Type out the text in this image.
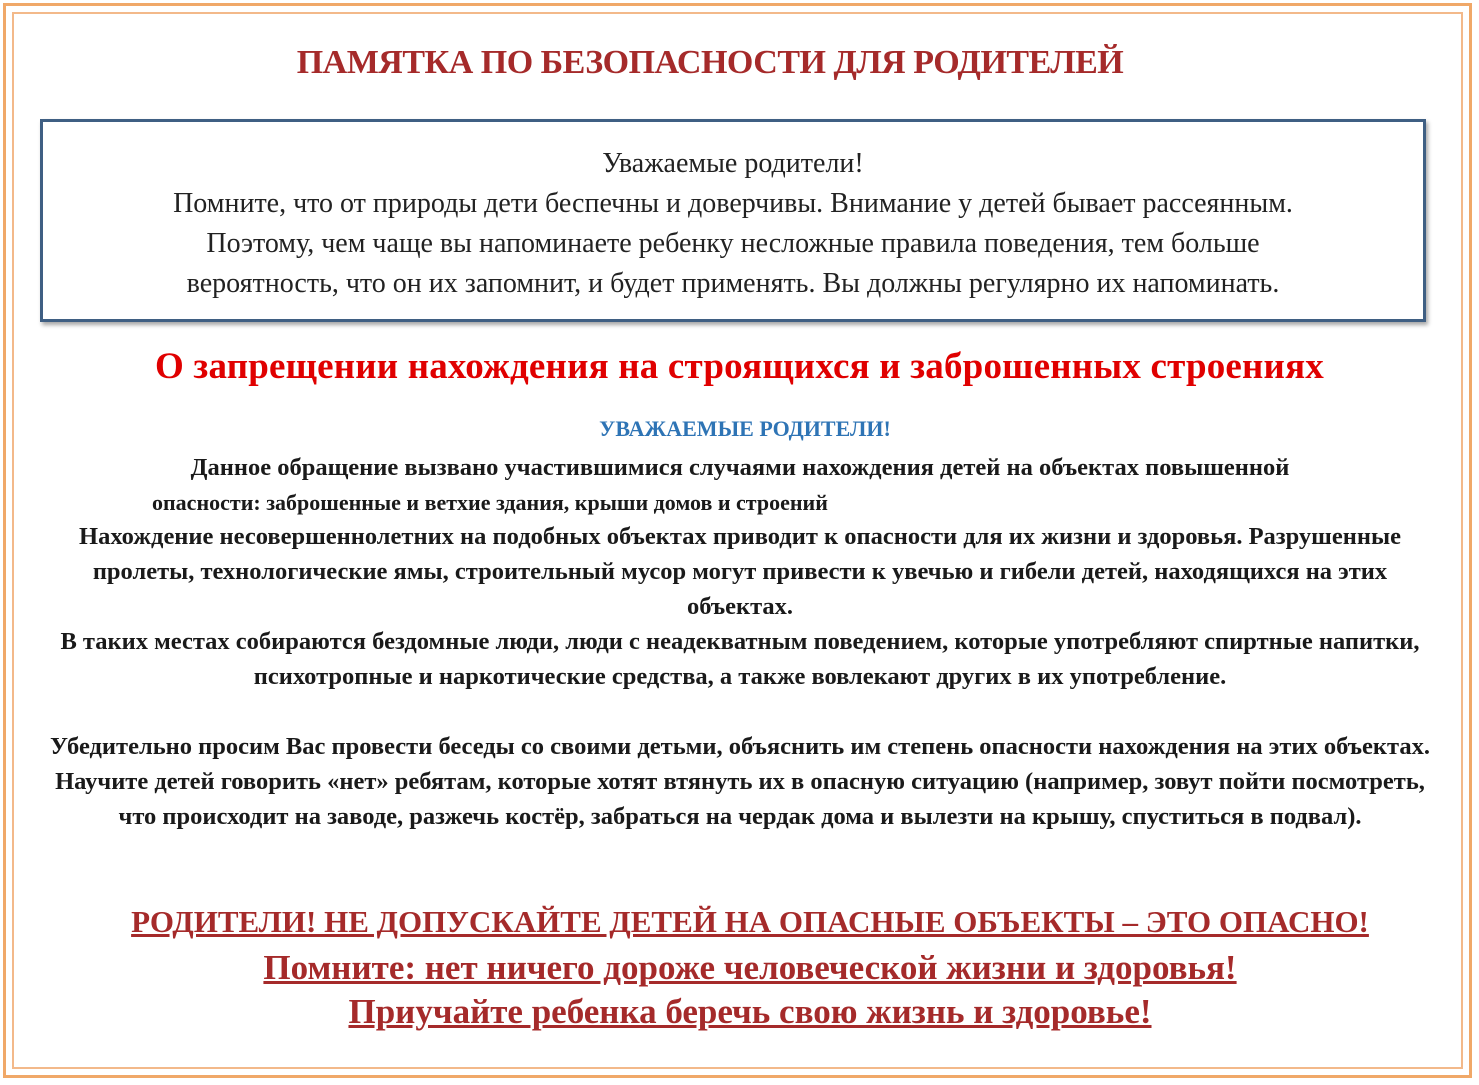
ПАМЯТКА ПО БЕЗОПАСНОСТИ ДЛЯ РОДИТЕЛЕЙ

Уважаемые родители!

Помните, что от природы дети беспечны и доверчивы. Внимание у детей бывает рассеянным.

Поэтому, чем чаще вы напоминаете ребенку несложные правила поведения, тем больше

вероятность, что он их запомнит, и будет применять. Вы должны регулярно их напоминать.

О запрещении нахождения на строящихся и заброшенных строениях

УВАЖАЕМЫЕ РОДИТЕЛИ!

Данное обращение вызвано участившимися случаями нахождения детей на объектах повышенной
опасности: заброшенные и ветхие здания, крыши домов и строений

Нахождение несовершеннолетних на подобных объектах приводит к опасности для их жизни и здоровья. Разрушенные пролеты, технологические ямы, строительный мусор могут привести к увечью и гибели детей, находящихся на этих объектах.

В таких местах собираются бездомные люди, люди с неадекватным поведением, которые употребляют спиртные напитки, психотропные и наркотические средства, а также вовлекают других в их употребление.

Убедительно просим Вас провести беседы со своими детьми, объяснить им степень опасности нахождения на этих объектах. Научите детей говорить «нет» ребятам, которые хотят втянуть их в опасную ситуацию (например, зовут пойти посмотреть, что происходит на заводе, разжечь костёр, забраться на чердак дома и вылезти на крышу, спуститься в подвал).

РОДИТЕЛИ! НЕ ДОПУСКАЙТЕ ДЕТЕЙ НА ОПАСНЫЕ ОБЪЕКТЫ – ЭТО ОПАСНО!

Помните: нет ничего дороже человеческой жизни и здоровья!

Приучайте ребенка беречь свою жизнь и здоровье!
